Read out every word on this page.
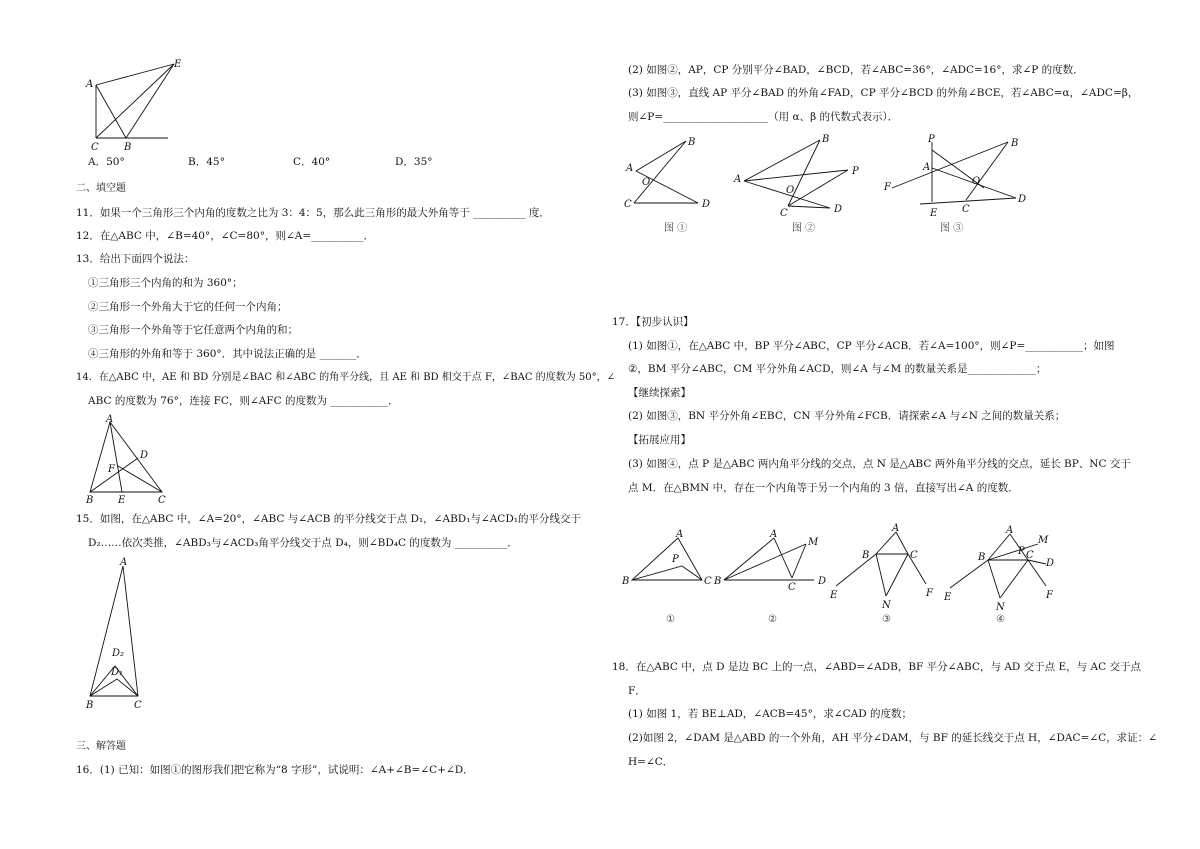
E
A
C	B
A．50°	B．45°	C．40°	D．35°
二、填空题
11．如果一个三角形三个内角的度数之比为 3：4：5，那么此三角形的最大外角等于 __________ 度．
12．在△ABC 中，∠B=40°，∠C=80°，则∠A=__________．
13．给出下面四个说法：
①三角形三个内角的和为 360°；
②三角形一个外角大于它的任何一个内角；
③三角形一个外角等于它任意两个内角的和；
④三角形的外角和等于 360°．其中说法正确的是 _______．
14．在△ABC 中，AE 和 BD 分别是∠BAC 和∠ABC 的角平分线，且 AE 和 BD 相交于点 F，∠BAC 的度数为 50°，∠
ABC 的度数为 76°，连接 FC，则∠AFC 的度数为 ___________．
A
D
F
B E	C
15．如图，在△ABC 中，∠A=20°，∠ABC 与∠ACB 的平分线交于点 D₁，∠ABD₁与∠ACD₁的平分线交于
D₂……依次类推，∠ABD₃与∠ACD₃角平分线交于点 D₄，则∠BD₄C 的度数为 __________．
A
D₂
D₁
B	C
三、解答题
16．(1) 已知：如图①的图形我们把它称为“8 字形”，试说明：∠A+∠B=∠C+∠D．
(2) 如图②，AP，CP 分别平分∠BAD，∠BCD，若∠ABC=36°，∠ADC=16°，求∠P 的度数．
(3) 如图③，直线 AP 平分∠BAD 的外角∠FAD，CP 平分∠BCD 的外角∠BCE，若∠ABC=α，∠ADC=β，
则∠P=____________________（用 α、β 的代数式表示）．
B
A
O
C	D
图 ①
B
P
A
O
C	D
图 ②
P	B
A
F
O
E C
D
图 ③
17．【初步认识】
(1) 如图①，在△ABC 中，BP 平分∠ABC，CP 平分∠ACB．若∠A=100°，则∠P=___________；如图
②，BM 平分∠ABC，CM 平分外角∠ACD，则∠A 与∠M 的数量关系是_____________；
【继续探索】
(2) 如图③，BN 平分外角∠EBC，CN 平分外角∠FCB．请探索∠A 与∠N 之间的数量关系；
【拓展应用】
(3) 如图④，点 P 是△ABC 两内角平分线的交点，点 N 是△ABC 两外角平分线的交点，延长 BP、NC 交于
点 M．在△BMN 中，存在一个内角等于另一个内角的 3 倍，直接写出∠A 的度数．
A
P
B	C
①
A
M
B
C
D
②
A
B	C
E
N
F
③
A
M
P
B	C
D
E
N
F
④
18．在△ABC 中，点 D 是边 BC 上的一点，∠ABD=∠ADB，BF 平分∠ABC，与 AD 交于点 E，与 AC 交于点
F．
(1) 如图 1，若 BE⊥AD，∠ACB=45°，求∠CAD 的度数；
(2)如图 2，∠DAM 是△ABD 的一个外角，AH 平分∠DAM，与 BF 的延长线交于点 H，∠DAC=∠C，求证：∠
H=∠C．
